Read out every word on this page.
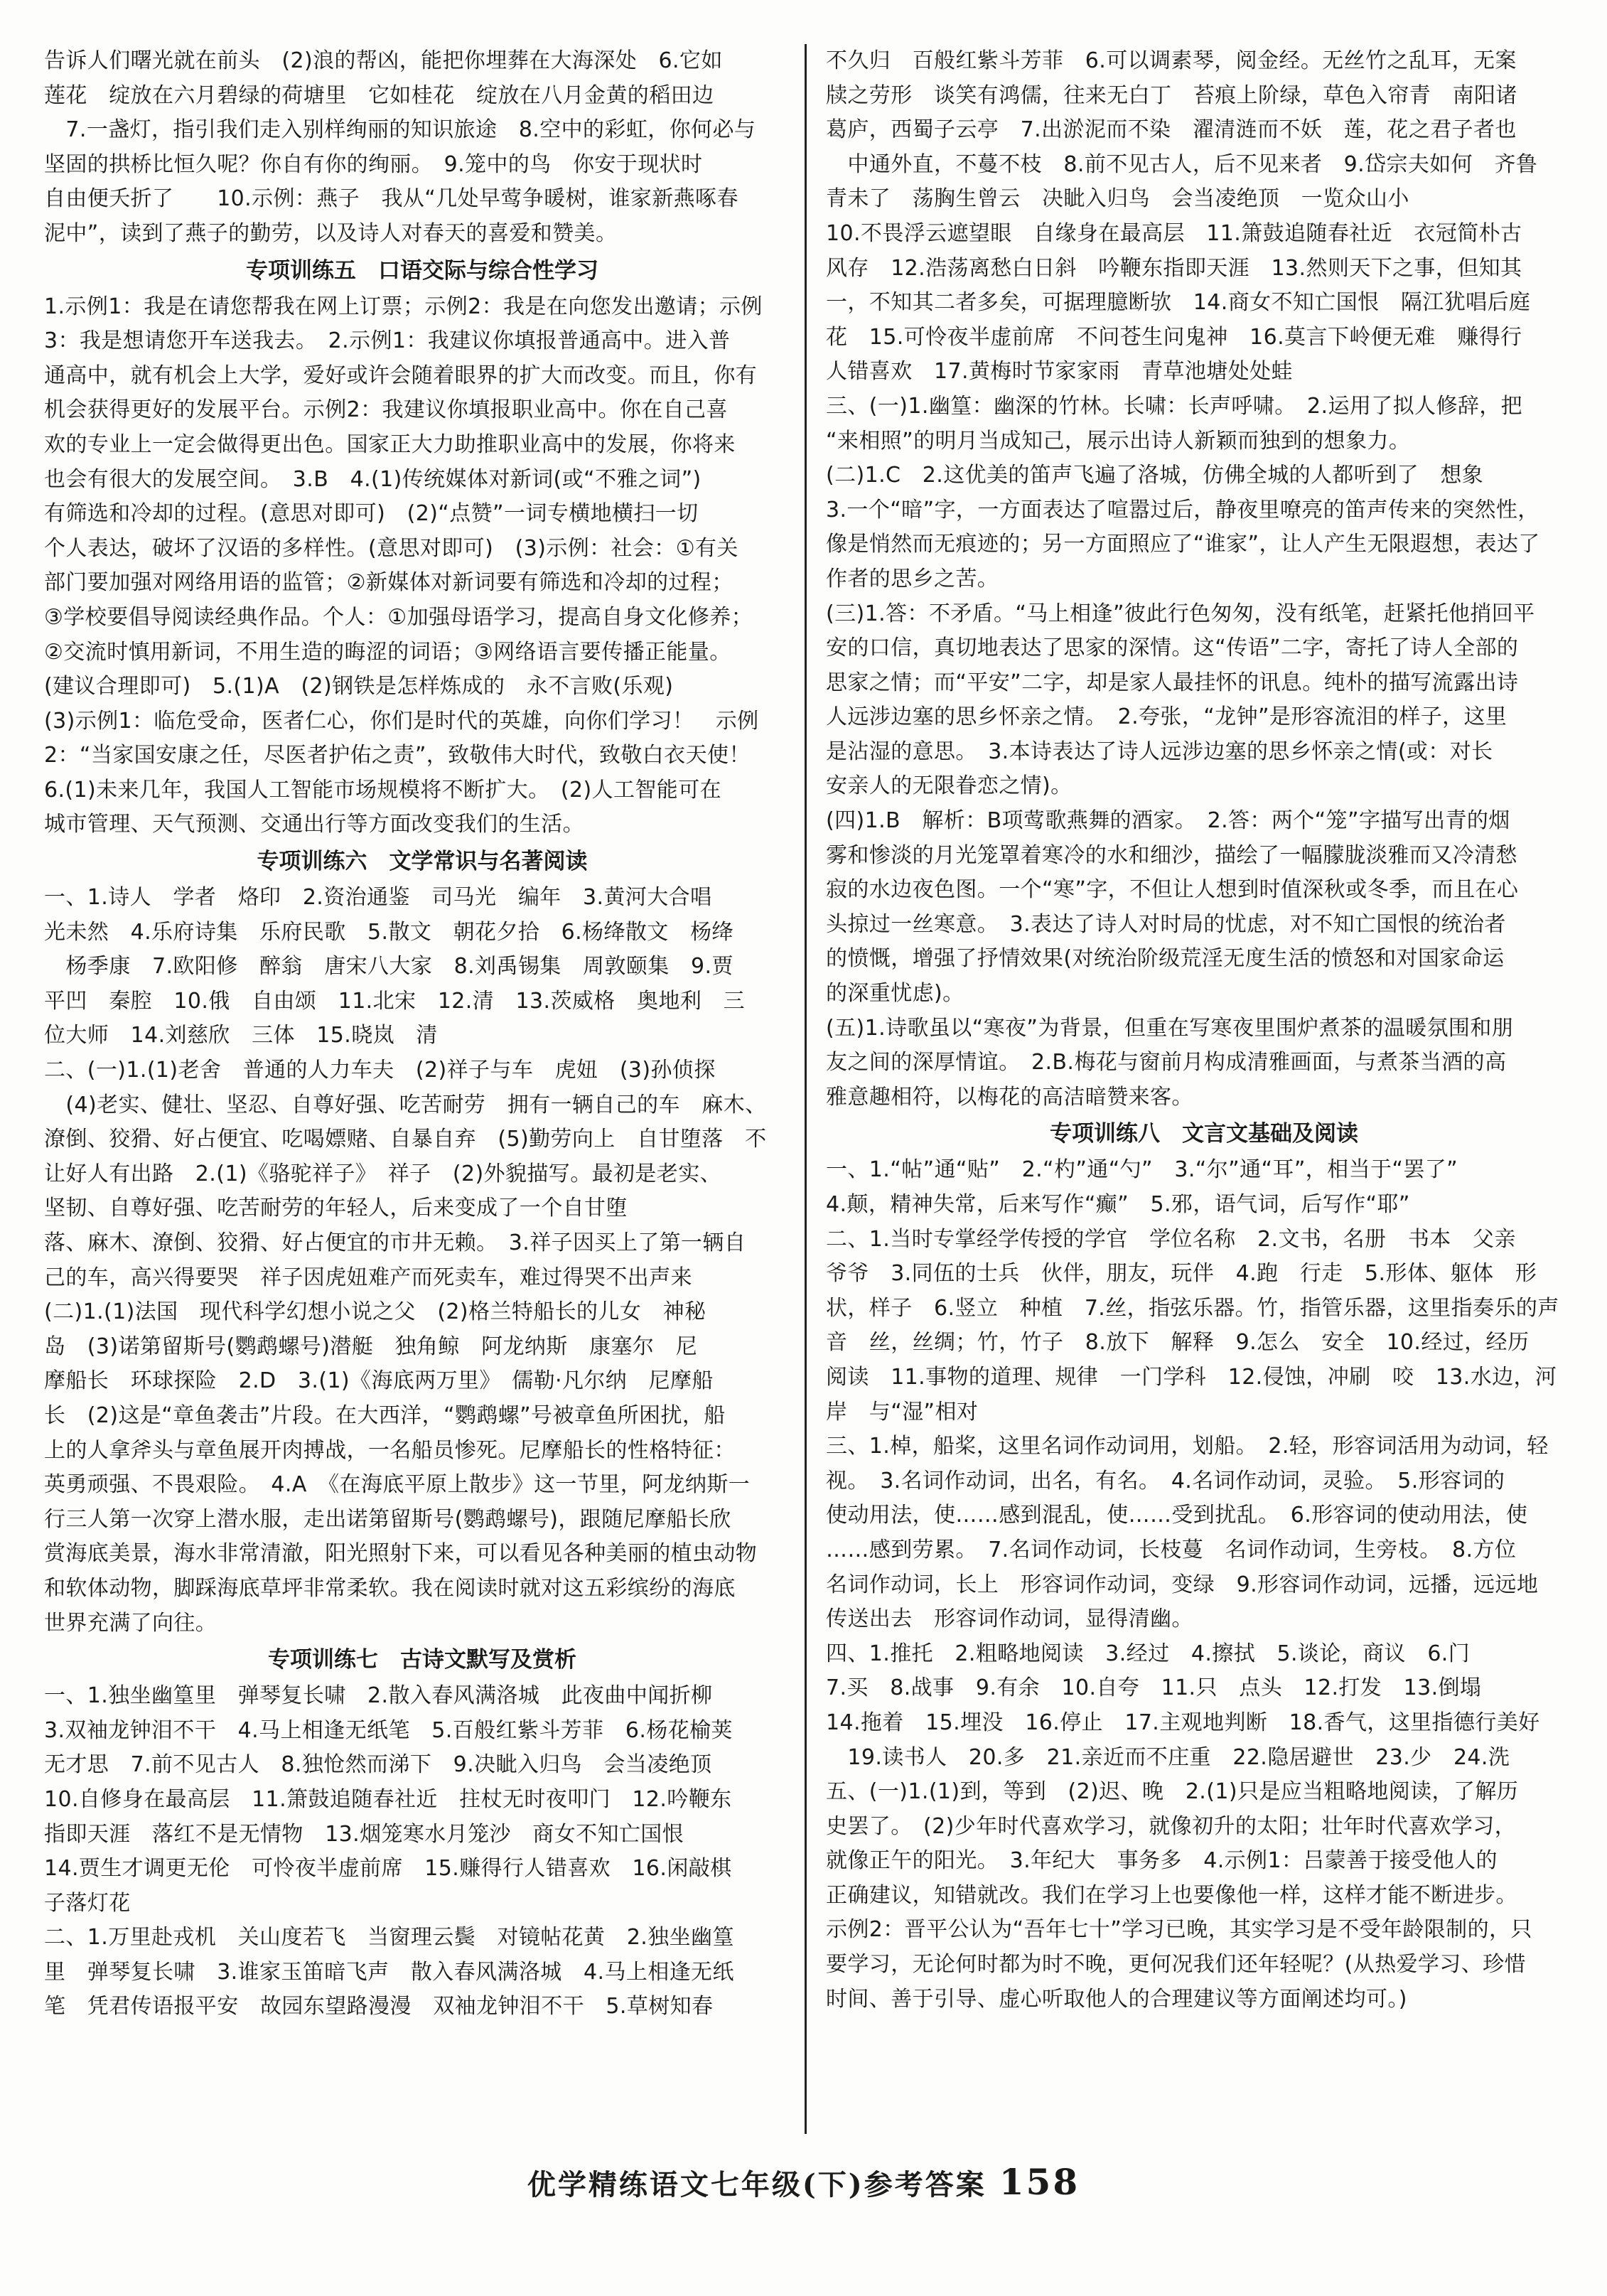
告诉人们曙光就在前头　(2)浪的帮凶，能把你埋葬在大海深处　6.它如
莲花　绽放在六月碧绿的荷塘里　它如桂花　绽放在八月金黄的稻田边
　7.一盏灯，指引我们走入别样绚丽的知识旅途　8.空中的彩虹，你何必与
坚固的拱桥比恒久呢？你自有你的绚丽。　9.笼中的鸟　你安于现状时
自由便夭折了　　10.示例：燕子　我从“几处早莺争暖树，谁家新燕啄春
泥中”，读到了燕子的勤劳，以及诗人对春天的喜爱和赞美。
专项训练五　口语交际与综合性学习
1.示例1：我是在请您帮我在网上订票；示例2：我是在向您发出邀请；示例
3：我是想请您开车送我去。　2.示例1：我建议你填报普通高中。进入普
通高中，就有机会上大学，爱好或许会随着眼界的扩大而改变。而且，你有
机会获得更好的发展平台。示例2：我建议你填报职业高中。你在自己喜
欢的专业上一定会做得更出色。国家正大力助推职业高中的发展，你将来
也会有很大的发展空间。　3.B　4.(1)传统媒体对新词(或“不雅之词”)
有筛选和冷却的过程。(意思对即可)　(2)“点赞”一词专横地横扫一切
个人表达，破坏了汉语的多样性。(意思对即可)　(3)示例：社会：①有关
部门要加强对网络用语的监管；②新媒体对新词要有筛选和冷却的过程；
③学校要倡导阅读经典作品。个人：①加强母语学习，提高自身文化修养；
②交流时慎用新词，不用生造的晦涩的词语；③网络语言要传播正能量。
(建议合理即可)　5.(1)A　(2)钢铁是怎样炼成的　永不言败(乐观)
(3)示例1：临危受命，医者仁心，你们是时代的英雄，向你们学习！　示例
2：“当家国安康之任，尽医者护佑之责”，致敬伟大时代，致敬白衣天使！
6.(1)未来几年，我国人工智能市场规模将不断扩大。　(2)人工智能可在
城市管理、天气预测、交通出行等方面改变我们的生活。
专项训练六　文学常识与名著阅读
一、1.诗人　学者　烙印　2.资治通鉴　司马光　编年　3.黄河大合唱
光未然　4.乐府诗集　乐府民歌　5.散文　朝花夕拾　6.杨绛散文　杨绛
　杨季康　7.欧阳修　醉翁　唐宋八大家　8.刘禹锡集　周敦颐集　9.贾
平凹　秦腔　10.俄　自由颂　11.北宋　12.清　13.茨威格　奥地利　三
位大师　14.刘慈欣　三体　15.晓岚　清
二、(一)1.(1)老舍　普通的人力车夫　(2)祥子与车　虎妞　(3)孙侦探
　(4)老实、健壮、坚忍、自尊好强、吃苦耐劳　拥有一辆自己的车　麻木、
潦倒、狡猾、好占便宜、吃喝嫖赌、自暴自弃　(5)勤劳向上　自甘堕落　不
让好人有出路　2.(1)《骆驼祥子》　祥子　(2)外貌描写。最初是老实、
坚韧、自尊好强、吃苦耐劳的年轻人，后来变成了一个自甘堕
落、麻木、潦倒、狡猾、好占便宜的市井无赖。　3.祥子因买上了第一辆自
己的车，高兴得要哭　祥子因虎妞难产而死卖车，难过得哭不出声来
(二)1.(1)法国　现代科学幻想小说之父　(2)格兰特船长的儿女　神秘
岛　(3)诺第留斯号(鹦鹉螺号)潜艇　独角鲸　阿龙纳斯　康塞尔　尼
摩船长　环球探险　2.D　3.(1)《海底两万里》　儒勒·凡尔纳　尼摩船
长　(2)这是“章鱼袭击”片段。在大西洋，“鹦鹉螺”号被章鱼所困扰，船
上的人拿斧头与章鱼展开肉搏战，一名船员惨死。尼摩船长的性格特征：
英勇顽强、不畏艰险。　4.A　《在海底平原上散步》这一节里，阿龙纳斯一
行三人第一次穿上潜水服，走出诺第留斯号(鹦鹉螺号)，跟随尼摩船长欣
赏海底美景，海水非常清澈，阳光照射下来，可以看见各种美丽的植虫动物
和软体动物，脚踩海底草坪非常柔软。我在阅读时就对这五彩缤纷的海底
世界充满了向往。
专项训练七　古诗文默写及赏析
一、1.独坐幽篁里　弹琴复长啸　2.散入春风满洛城　此夜曲中闻折柳
3.双袖龙钟泪不干　4.马上相逢无纸笔　5.百般红紫斗芳菲　6.杨花榆荚
无才思　7.前不见古人　8.独怆然而涕下　9.决眦入归鸟　会当凌绝顶
10.自修身在最高层　11.箫鼓追随春社近　拄杖无时夜叩门　12.吟鞭东
指即天涯　落红不是无情物　13.烟笼寒水月笼沙　商女不知亡国恨
14.贾生才调更无伦　可怜夜半虚前席　15.赚得行人错喜欢　16.闲敲棋
子落灯花
二、1.万里赴戎机　关山度若飞　当窗理云鬓　对镜帖花黄　2.独坐幽篁
里　弹琴复长啸　3.谁家玉笛暗飞声　散入春风满洛城　4.马上相逢无纸
笔　凭君传语报平安　故园东望路漫漫　双袖龙钟泪不干　5.草树知春
不久归　百般红紫斗芳菲　6.可以调素琴，阅金经。无丝竹之乱耳，无案
牍之劳形　谈笑有鸿儒，往来无白丁　苔痕上阶绿，草色入帘青　南阳诸
葛庐，西蜀子云亭　7.出淤泥而不染　濯清涟而不妖　莲，花之君子者也
　中通外直，不蔓不枝　8.前不见古人，后不见来者　9.岱宗夫如何　齐鲁
青未了　荡胸生曾云　决眦入归鸟　会当凌绝顶　一览众山小
10.不畏浮云遮望眼　自缘身在最高层　11.箫鼓追随春社近　衣冠简朴古
风存　12.浩荡离愁白日斜　吟鞭东指即天涯　13.然则天下之事，但知其
一，不知其二者多矣，可据理臆断欤　14.商女不知亡国恨　隔江犹唱后庭
花　15.可怜夜半虚前席　不问苍生问鬼神　16.莫言下岭便无难　赚得行
人错喜欢　17.黄梅时节家家雨　青草池塘处处蛙
三、(一)1.幽篁：幽深的竹林。长啸：长声呼啸。　2.运用了拟人修辞，把
“来相照”的明月当成知己，展示出诗人新颖而独到的想象力。
(二)1.C　2.这优美的笛声飞遍了洛城，仿佛全城的人都听到了　想象
3.一个“暗”字，一方面表达了喧嚣过后，静夜里嘹亮的笛声传来的突然性，
像是悄然而无痕迹的；另一方面照应了“谁家”，让人产生无限遐想，表达了
作者的思乡之苦。
(三)1.答：不矛盾。“马上相逢”彼此行色匆匆，没有纸笔，赶紧托他捎回平
安的口信，真切地表达了思家的深情。这“传语”二字，寄托了诗人全部的
思家之情；而“平安”二字，却是家人最挂怀的讯息。纯朴的描写流露出诗
人远涉边塞的思乡怀亲之情。　2.夸张，“龙钟”是形容流泪的样子，这里
是沾湿的意思。　3.本诗表达了诗人远涉边塞的思乡怀亲之情(或：对长
安亲人的无限眷恋之情)。
(四)1.B　解析：B项莺歌燕舞的酒家。　2.答：两个“笼”字描写出青的烟
雾和惨淡的月光笼罩着寒冷的水和细沙，描绘了一幅朦胧淡雅而又冷清愁
寂的水边夜色图。一个“寒”字，不但让人想到时值深秋或冬季，而且在心
头掠过一丝寒意。　3.表达了诗人对时局的忧虑，对不知亡国恨的统治者
的愤慨，增强了抒情效果(对统治阶级荒淫无度生活的愤怒和对国家命运
的深重忧虑)。
(五)1.诗歌虽以“寒夜”为背景，但重在写寒夜里围炉煮茶的温暖氛围和朋
友之间的深厚情谊。　2.B.梅花与窗前月构成清雅画面，与煮茶当酒的高
雅意趣相符，以梅花的高洁暗赞来客。
专项训练八　文言文基础及阅读
一、1.“帖”通“贴”　2.“杓”通“勺”　3.“尔”通“耳”，相当于“罢了”
4.颠，精神失常，后来写作“癫”　5.邪，语气词，后写作“耶”
二、1.当时专掌经学传授的学官　学位名称　2.文书，名册　书本　父亲
爷爷　3.同伍的士兵　伙伴，朋友，玩伴　4.跑　行走　5.形体、躯体　形
状，样子　6.竖立　种植　7.丝，指弦乐器。竹，指管乐器，这里指奏乐的声
音　丝，丝绸；竹，竹子　8.放下　解释　9.怎么　安全　10.经过，经历
阅读　11.事物的道理、规律　一门学科　12.侵蚀，冲刷　咬　13.水边，河
岸　与“湿”相对
三、1.棹，船桨，这里名词作动词用，划船。　2.轻，形容词活用为动词，轻
视。　3.名词作动词，出名，有名。　4.名词作动词，灵验。　5.形容词的
使动用法，使……感到混乱，使……受到扰乱。　6.形容词的使动用法，使
……感到劳累。　7.名词作动词，长枝蔓　名词作动词，生旁枝。　8.方位
名词作动词，长上　形容词作动词，变绿　9.形容词作动词，远播，远远地
传送出去　形容词作动词，显得清幽。
四、1.推托　2.粗略地阅读　3.经过　4.擦拭　5.谈论，商议　6.门
7.买　8.战事　9.有余　10.自夸　11.只　点头　12.打发　13.倒塌
14.拖着　15.埋没　16.停止　17.主观地判断　18.香气，这里指德行美好
　19.读书人　20.多　21.亲近而不庄重　22.隐居避世　23.少　24.洗
五、(一)1.(1)到，等到　(2)迟、晚　2.(1)只是应当粗略地阅读，了解历
史罢了。　(2)少年时代喜欢学习，就像初升的太阳；壮年时代喜欢学习，
就像正午的阳光。　3.年纪大　事务多　4.示例1：吕蒙善于接受他人的
正确建议，知错就改。我们在学习上也要像他一样，这样才能不断进步。
示例2：晋平公认为“吾年七十”学习已晚，其实学习是不受年龄限制的，只
要学习，无论何时都为时不晚，更何况我们还年轻呢？(从热爱学习、珍惜
时间、善于引导、虚心听取他人的合理建议等方面阐述均可。)
优学精练语文七年级(下)参考答案 158
